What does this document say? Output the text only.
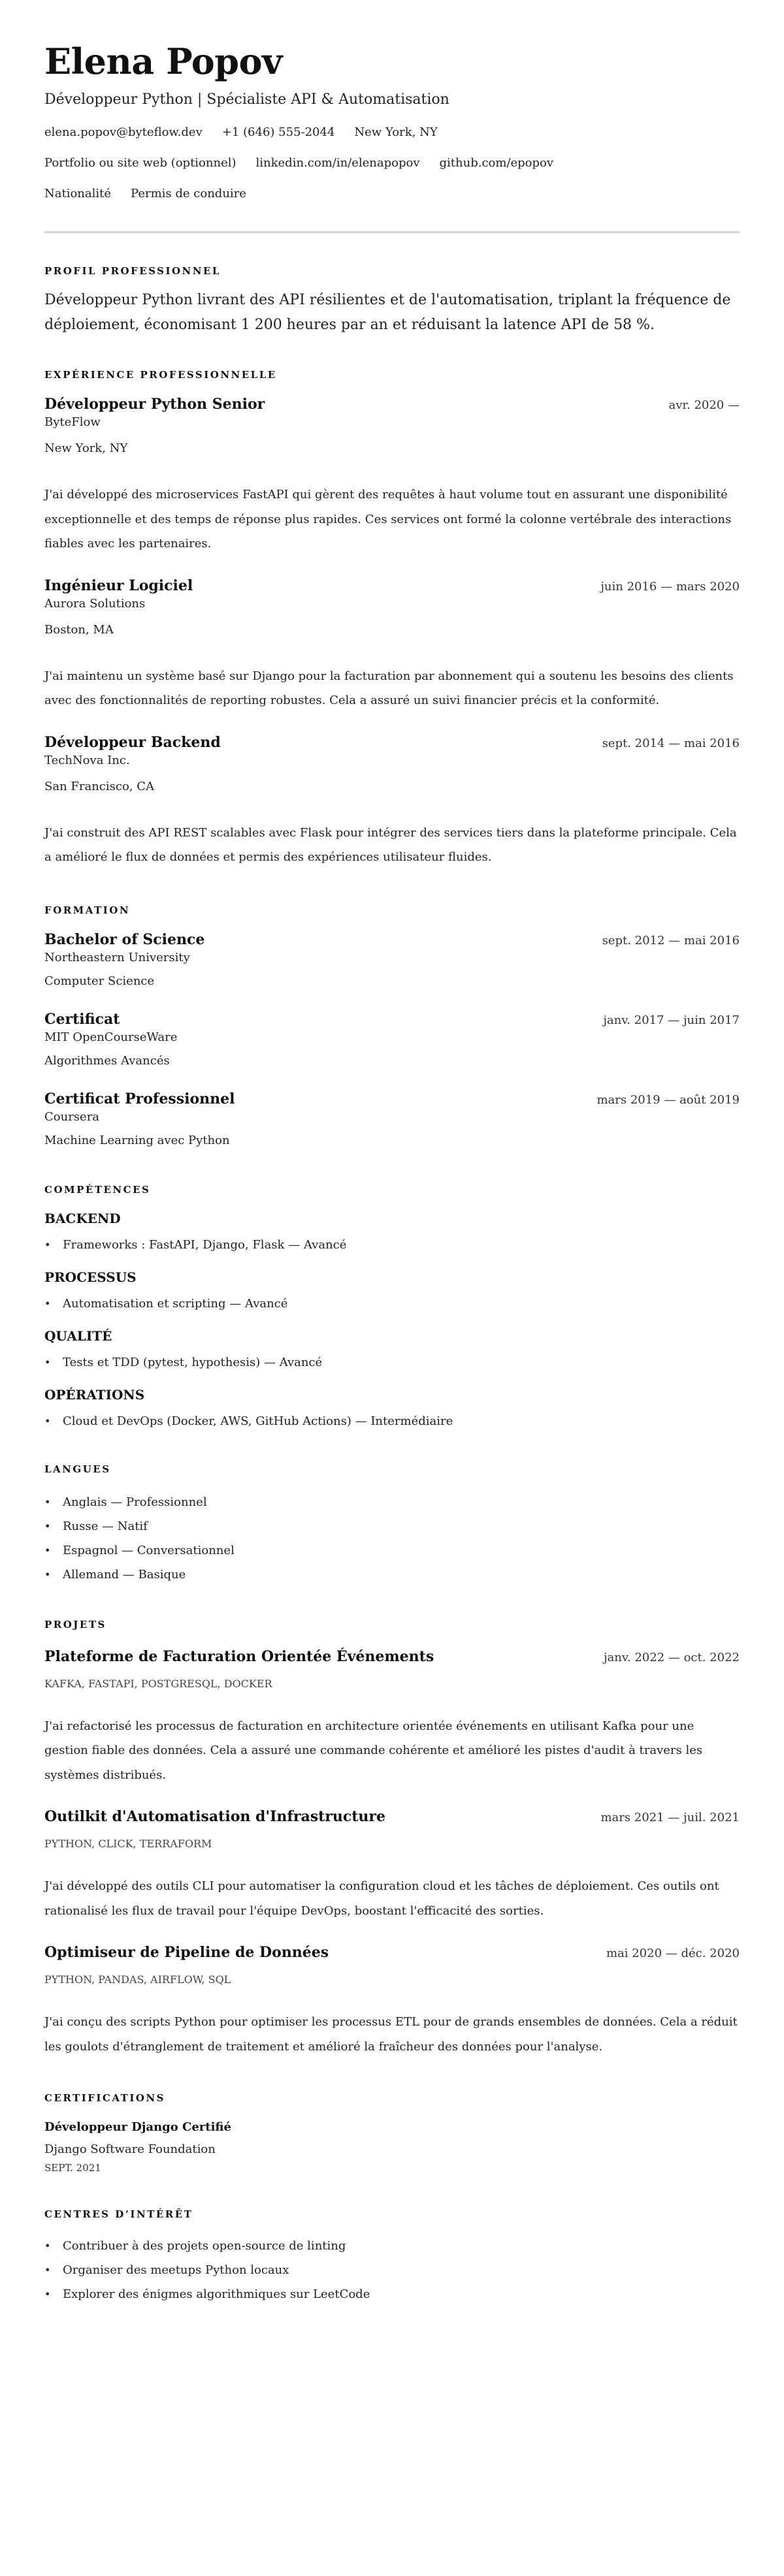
Elena Popov
Développeur Python | Spécialiste API & Automatisation
elena.popov@byteflow.dev +1 (646) 555-2044 New York, NY
Portfolio ou site web (optionnel) linkedin.com/in/elenapopov github.com/epopov
Nationalité Permis de conduire
PROFIL PROFESSIONNEL

Développeur Python livrant des API résilientes et de l'automatisation, triplant la fréquence de déploiement, économisant 1 200 heures par an et réduisant la latence API de 58 %.

EXPÉRIENCE PROFESSIONNELLE
Développeur Python Senior	avr. 2020 —
ByteFlow
New York, NY

J'ai développé des microservices FastAPI qui gèrent des requêtes à haut volume tout en assurant une disponibilité exceptionnelle et des temps de réponse plus rapides. Ces services ont formé la colonne vertébrale des interactions fiables avec les partenaires.

Ingénieur Logiciel	juin 2016 — mars 2020
Aurora Solutions
Boston, MA

J'ai maintenu un système basé sur Django pour la facturation par abonnement qui a soutenu les besoins des clients avec des fonctionnalités de reporting robustes. Cela a assuré un suivi financier précis et la conformité.

Développeur Backend	sept. 2014 — mai 2016
TechNova Inc.
San Francisco, CA

J'ai construit des API REST scalables avec Flask pour intégrer des services tiers dans la plateforme principale. Cela a amélioré le flux de données et permis des expériences utilisateur fluides.

FORMATION
Bachelor of Science	sept. 2012 — mai 2016
Northeastern University
Computer Science
Certificat	janv. 2017 — juin 2017
MIT OpenCourseWare
Algorithmes Avancés
Certificat Professionnel	mars 2019 — août 2019
Coursera
Machine Learning avec Python
COMPÉTENCES
BACKEND
• Frameworks : FastAPI, Django, Flask — Avancé
PROCESSUS
• Automatisation et scripting — Avancé
QUALITÉ
• Tests et TDD (pytest, hypothesis) — Avancé
OPÉRATIONS
• Cloud et DevOps (Docker, AWS, GitHub Actions) — Intermédiaire
LANGUES
• Anglais — Professionnel
• Russe — Natif
• Espagnol — Conversationnel
• Allemand — Basique
PROJETS
Plateforme de Facturation Orientée Événements	janv. 2022 — oct. 2022
KAFKA, FASTAPI, POSTGRESQL, DOCKER

J'ai refactorisé les processus de facturation en architecture orientée événements en utilisant Kafka pour une gestion fiable des données. Cela a assuré une commande cohérente et amélioré les pistes d'audit à travers les systèmes distribués.

Outilkit d'Automatisation d'Infrastructure	mars 2021 — juil. 2021
PYTHON, CLICK, TERRAFORM

J'ai développé des outils CLI pour automatiser la configuration cloud et les tâches de déploiement. Ces outils ont rationalisé les flux de travail pour l'équipe DevOps, boostant l'efficacité des sorties.

Optimiseur de Pipeline de Données	mai 2020 — déc. 2020
PYTHON, PANDAS, AIRFLOW, SQL

J'ai conçu des scripts Python pour optimiser les processus ETL pour de grands ensembles de données. Cela a réduit les goulots d'étranglement de traitement et amélioré la fraîcheur des données pour l'analyse.

CERTIFICATIONS
Développeur Django Certifié
Django Software Foundation
SEPT. 2021
CENTRES D’INTÉRÊT
• Contribuer à des projets open-source de linting
• Organiser des meetups Python locaux
• Explorer des énigmes algorithmiques sur LeetCode
